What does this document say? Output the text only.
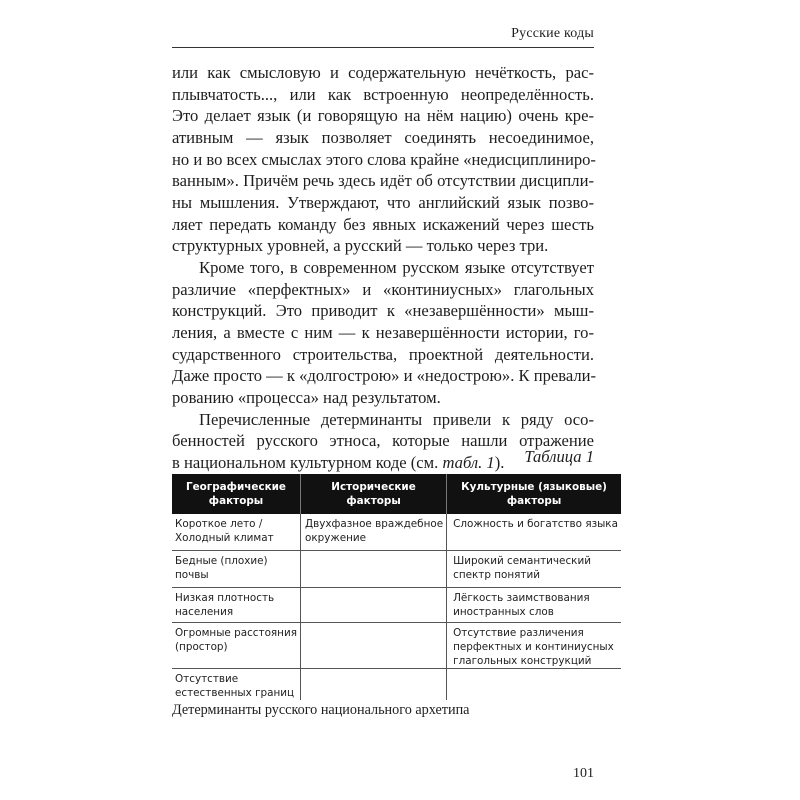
Русские коды
или как смысловую и содержательную нечёткость, рас-
плывчатость..., или как встроенную неопределённость.
Это делает язык (и говорящую на нём нацию) очень кре-
ативным — язык позволяет соединять несоединимое,
но и во всех смыслах этого слова крайне «недисциплиниро-
ванным». Причём речь здесь идёт об отсутствии дисципли-
ны мышления. Утверждают, что английский язык позво-
ляет передать команду без явных искажений через шесть
структурных уровней, а русский — только через три.
Кроме того, в современном русском языке отсутствует
различие «перфектных» и «континиусных» глагольных
конструкций. Это приводит к «незавершённости» мыш-
ления, а вместе с ним — к незавершённости истории, го-
сударственного строительства, проектной деятельности.
Даже просто — к «долгострою» и «недострою». К превали-
рованию «процесса» над результатом.
Перечисленные детерминанты привели к ряду осо-
бенностей русского этноса, которые нашли отражение
в национальном культурном коде (см. табл. 1).	Таблица 1
Географические
факторы	Исторические
факторы	Культурные (языковые)
факторы

Короткое лето /
Холодный климат	Двухфазное враждебное
окружение	Сложность и богатство языка

Бедные (плохие)
почвы		Широкий семантический
спектр понятий

Низкая плотность
населения		Лёгкость заимствования
иностранных слов

Огромные расстояния
(простор)		Отсутствие различения
перфектных и континиусных
глагольных конструкций

Отсутствие
естественных границ		

Детерминанты русского национального архетипа
101
